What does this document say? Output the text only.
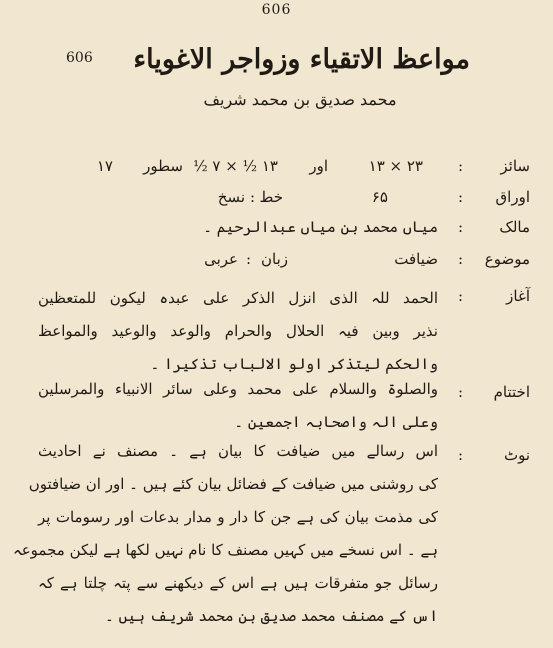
606
606 مواعظ الاتقیاء وزواجر الاغویاء
محمد صدیق بن محمد شریف
سائز
:
۲۳ × ۱۳
اور
۱۳ ½ × ۷ ½
سطور
۱۷
اوراق
:
۶۵
خط
:
نسخ
مالک
:
میاں محمد بن میاں عبدالرحیم ۔
موضوع
:
ضیافت
زبان
:
عربی
آغاز
:
الحمد للہ الذی انزل الذکر علی عبدہ لیکون للمتعظین
نذیر وبین فیہ الحلال والحرام والوعد والوعید والمواعظ
والحکم لیتذکر اولو الالباب تذکیرا ۔
اختتام
:
والصلوۃ والسلام علی محمد وعلی سائر الانبیاء والمرسلین
وعلی الہ واصحابہ اجمعین ۔
نوٹ
:
اس رسالے میں ضیافت کا بیان ہے ۔ مصنف نے احادیث
کی روشنی میں ضیافت کے فضائل بیان کئے ہیں ۔ اور ان ضیافتوں
کی مذمت بیان کی ہے جن کا دار و مدار بدعات اور رسومات پر
ہے ۔ اس نسخے میں کہیں مصنف کا نام نہیں لکھا ہے لیکن مجموعہ
رسائل جو متفرقات ہیں ہے اس کے دیکھنے سے پتہ چلتا ہے کہ
اس کے مصنف محمد صدیق بن محمد شریف ہیں ۔
